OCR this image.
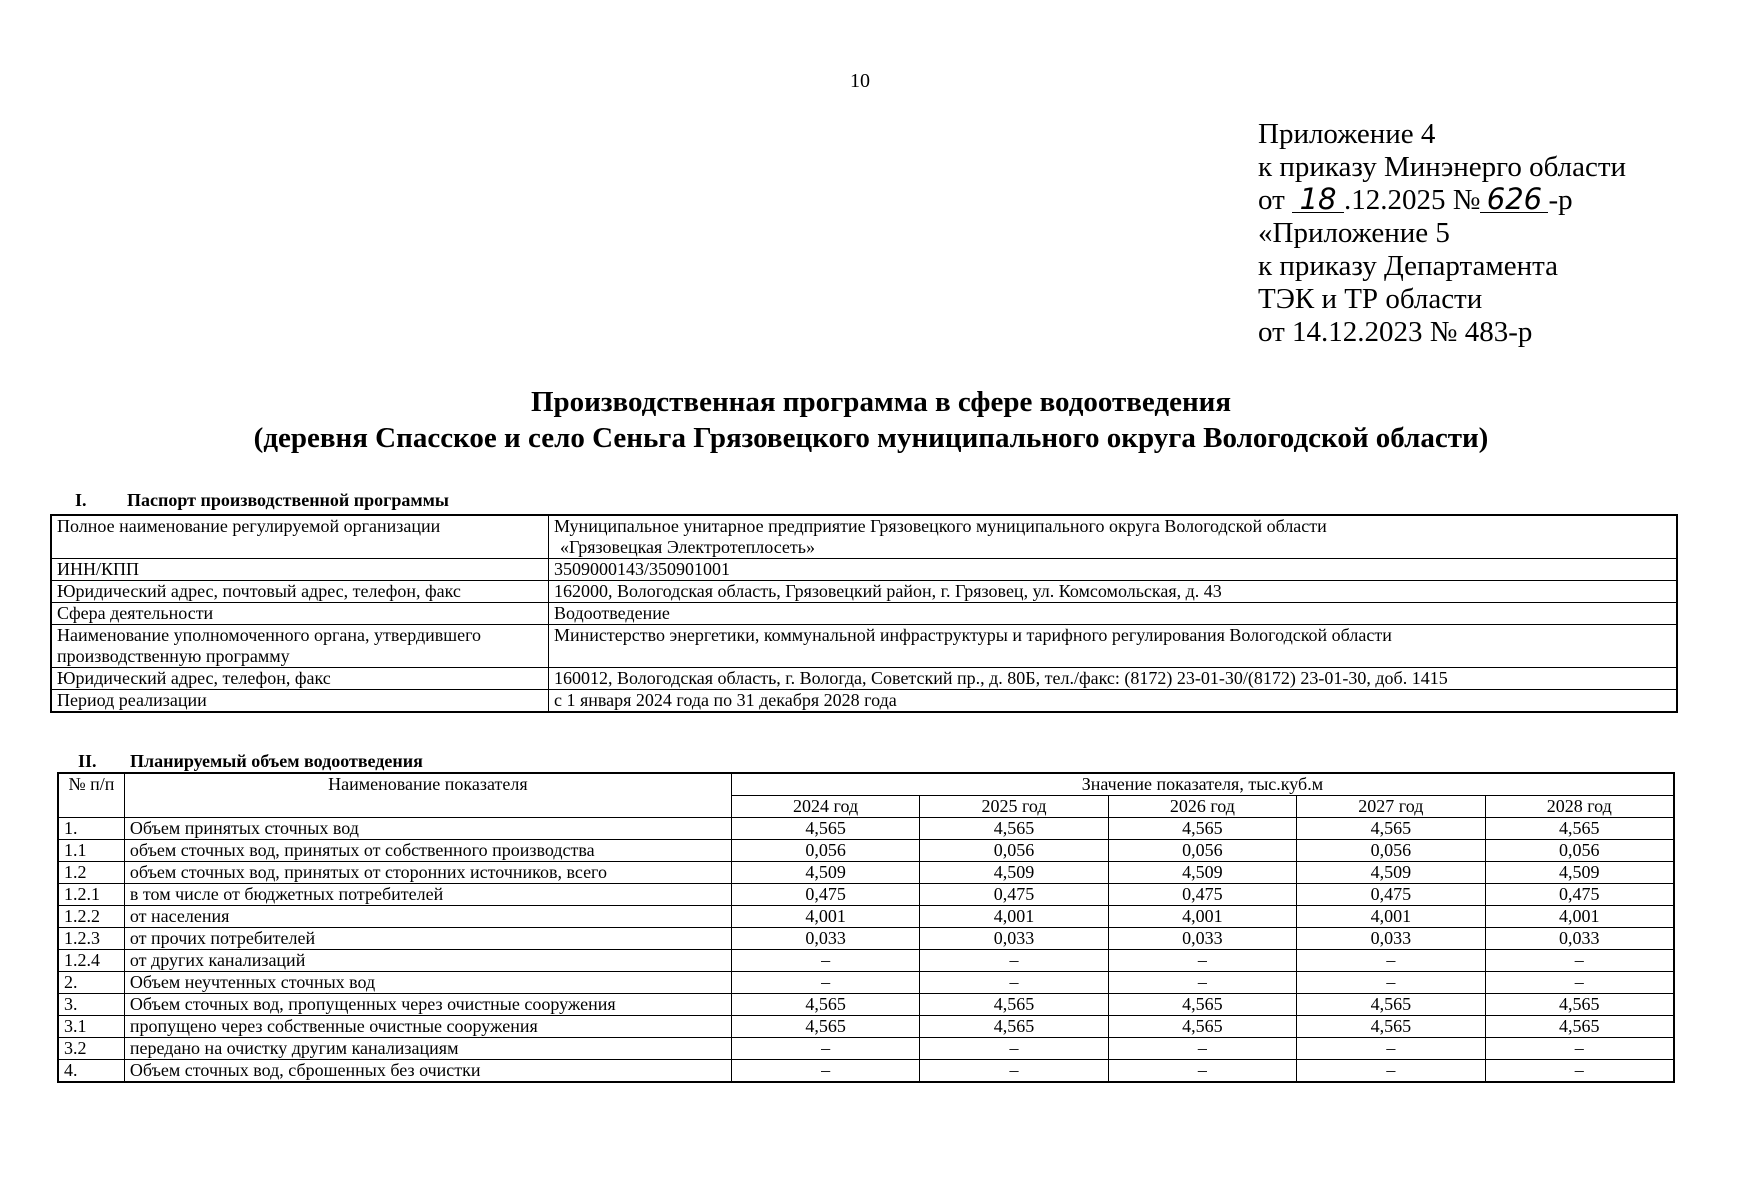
10
Приложение 4
к приказу Минэнерго области
от 18 .12.2025 № 626 -р
«Приложение 5
к приказу Департамента
ТЭК и ТР области
от 14.12.2023 № 483-р
Производственная программа в сфере водоотведения
(деревня Спасское и село Сеньга Грязовецкого муниципального округа Вологодской области)
I. Паспорт производственной программы
Полное наименование регулируемой организации	Муниципальное унитарное предприятие Грязовецкого муниципального округа Вологодской области
«Грязовецкая Электротеплосеть»

ИНН/КПП	3509000143/350901001
Юридический адрес, почтовый адрес, телефон, факс	162000, Вологодская область, Грязовецкий район, г. Грязовец, ул. Комсомольская, д. 43
Сфера деятельности	Водоотведение
Наименование уполномоченного органа, утвердившего производственную программу	Министерство энергетики, коммунальной инфраструктуры и тарифного регулирования Вологодской области
Юридический адрес, телефон, факс	160012, Вологодская область, г. Вологда, Советский пр., д. 80Б, тел./факс: (8172) 23-01-30/(8172) 23-01-30, доб. 1415
Период реализации	с 1 января 2024 года по 31 декабря 2028 года
II. Планируемый объем водоотведения
№ п/п	Наименование показателя	Значение показателя, тыс.куб.м				
		2024 год	2025 год	2026 год	2027 год	2028 год
1.	Объем принятых сточных вод	4,565	4,565	4,565	4,565	4,565
1.1	объем сточных вод, принятых от собственного производства	0,056	0,056	0,056	0,056	0,056
1.2	объем сточных вод, принятых от сторонних источников, всего	4,509	4,509	4,509	4,509	4,509
1.2.1	в том числе от бюджетных потребителей	0,475	0,475	0,475	0,475	0,475
1.2.2	от населения	4,001	4,001	4,001	4,001	4,001
1.2.3	от прочих потребителей	0,033	0,033	0,033	0,033	0,033
1.2.4	от других канализаций	–	–	–	–	–
2.	Объем неучтенных сточных вод	–	–	–	–	–
3.	Объем сточных вод, пропущенных через очистные сооружения	4,565	4,565	4,565	4,565	4,565
3.1	пропущено через собственные очистные сооружения	4,565	4,565	4,565	4,565	4,565
3.2	передано на очистку другим канализациям	–	–	–	–	–
4.	Объем сточных вод, сброшенных без очистки	–	–	–	–	–
